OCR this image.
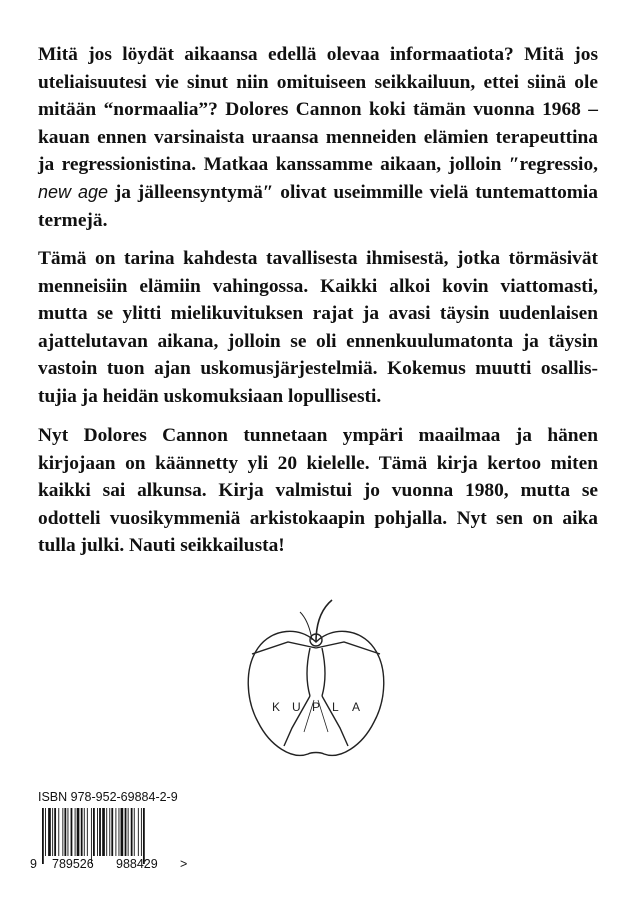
Mitä jos löydät aikaansa edellä olevaa informaatiota? Mitä jos
uteliaisuutesi vie sinut niin omituiseen seikkailuun, ettei siinä ole
mitään “normaalia”? Dolores Cannon koki tämän vuonna 1968 –
kauan ennen varsinaista uraansa menneiden elämien terapeuttina
ja regressionistina. Matkaa kanssamme aikaan, jolloin ″regressio,
new age ja jälleensyntymä″ olivat useimmille vielä tuntemattomia
termejä.
Tämä on tarina kahdesta tavallisesta ihmisestä, jotka törmäsivät
menneisiin elämiin vahingossa. Kaikki alkoi kovin viattomasti,
mutta se ylitti mielikuvituksen rajat ja avasi täysin uudenlaisen
ajattelutavan aikana, jolloin se oli ennenkuulumatonta ja täysin
vastoin tuon ajan uskomusjärjestelmiä. Kokemus muutti osallis-
tujia ja heidän uskomuksiaan lopullisesti.
Nyt Dolores Cannon tunnetaan ympäri maailmaa ja hänen
kirjojaan on käännetty yli 20 kielelle. Tämä kirja kertoo miten
kaikki sai alkunsa. Kirja valmistui jo vuonna 1980, mutta se
odotteli vuosikymmeniä arkistokaapin pohjalla. Nyt sen on aika
tulla julki. Nauti seikkailusta!
K U P L A
ISBN 978-952-69884-2-9
9 789526 988429 >
